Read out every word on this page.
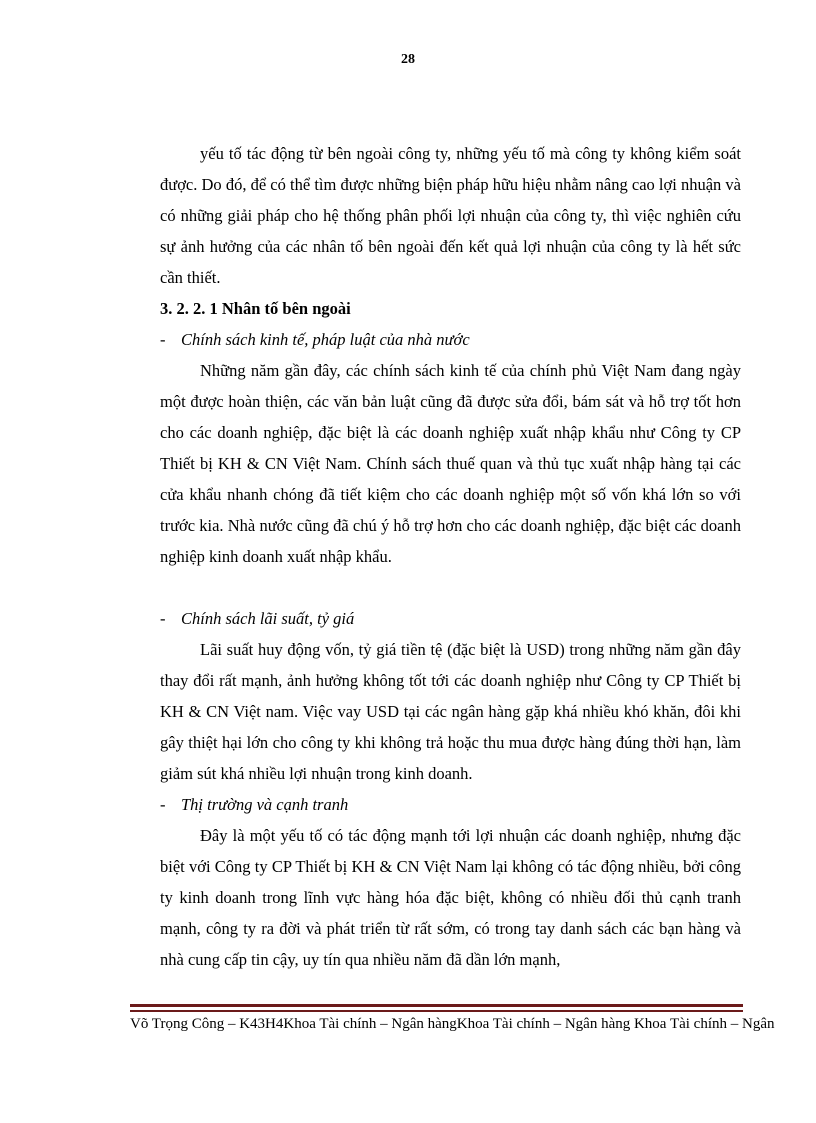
28

yếu tố tác động từ bên ngoài công ty, những yếu tố mà công ty không kiểm soát được. Do đó, để có thể tìm được những biện pháp hữu hiệu nhằm nâng cao lợi nhuận và có những giải pháp cho hệ thống phân phối lợi nhuận của công ty, thì việc nghiên cứu sự ảnh hưởng của các nhân tố bên ngoài đến kết quả lợi nhuận của công ty là hết sức cần thiết.

3. 2. 2. 1 Nhân tố bên ngoài

- Chính sách kinh tế, pháp luật của nhà nước

Những năm gần đây, các chính sách kinh tế của chính phủ Việt Nam đang ngày một được hoàn thiện, các văn bản luật cũng đã được sửa đổi, bám sát và hỗ trợ tốt hơn cho các doanh nghiệp, đặc biệt là các doanh nghiệp xuất nhập khẩu như Công ty CP Thiết bị KH & CN Việt Nam. Chính sách thuế quan và thủ tục xuất nhập hàng tại các cửa khẩu nhanh chóng đã tiết kiệm cho các doanh nghiệp một số vốn khá lớn so với trước kia. Nhà nước cũng đã chú ý hỗ trợ hơn cho các doanh nghiệp, đặc biệt các doanh nghiệp kinh doanh xuất nhập khẩu.

- Chính sách lãi suất, tỷ giá

Lãi suất huy động vốn, tỷ giá tiền tệ (đặc biệt là USD) trong những năm gần đây thay đổi rất mạnh, ảnh hưởng không tốt tới các doanh nghiệp như Công ty CP Thiết bị KH & CN Việt nam. Việc vay USD tại các ngân hàng gặp khá nhiều khó khăn, đôi khi gây thiệt hại lớn cho công ty khi không trả hoặc thu mua được hàng đúng thời hạn, làm giảm sút khá nhiều lợi nhuận trong kinh doanh.

- Thị trường và cạnh tranh

Đây là một yếu tố có tác động mạnh tới lợi nhuận các doanh nghiệp, nhưng đặc biệt với Công ty CP Thiết bị KH & CN Việt Nam lại không có tác động nhiều, bởi công ty kinh doanh trong lĩnh vực hàng hóa đặc biệt, không có nhiều đối thủ cạnh tranh mạnh, công ty ra đời và phát triển từ rất sớm, có trong tay danh sách các bạn hàng và nhà cung cấp tin cậy, uy tín qua nhiều năm đã dần lớn mạnh,

Võ Trọng Công – K43H4Khoa Tài chính – Ngân hàngKhoa Tài chính – Ngân hàng Khoa Tài chính – Ngân
